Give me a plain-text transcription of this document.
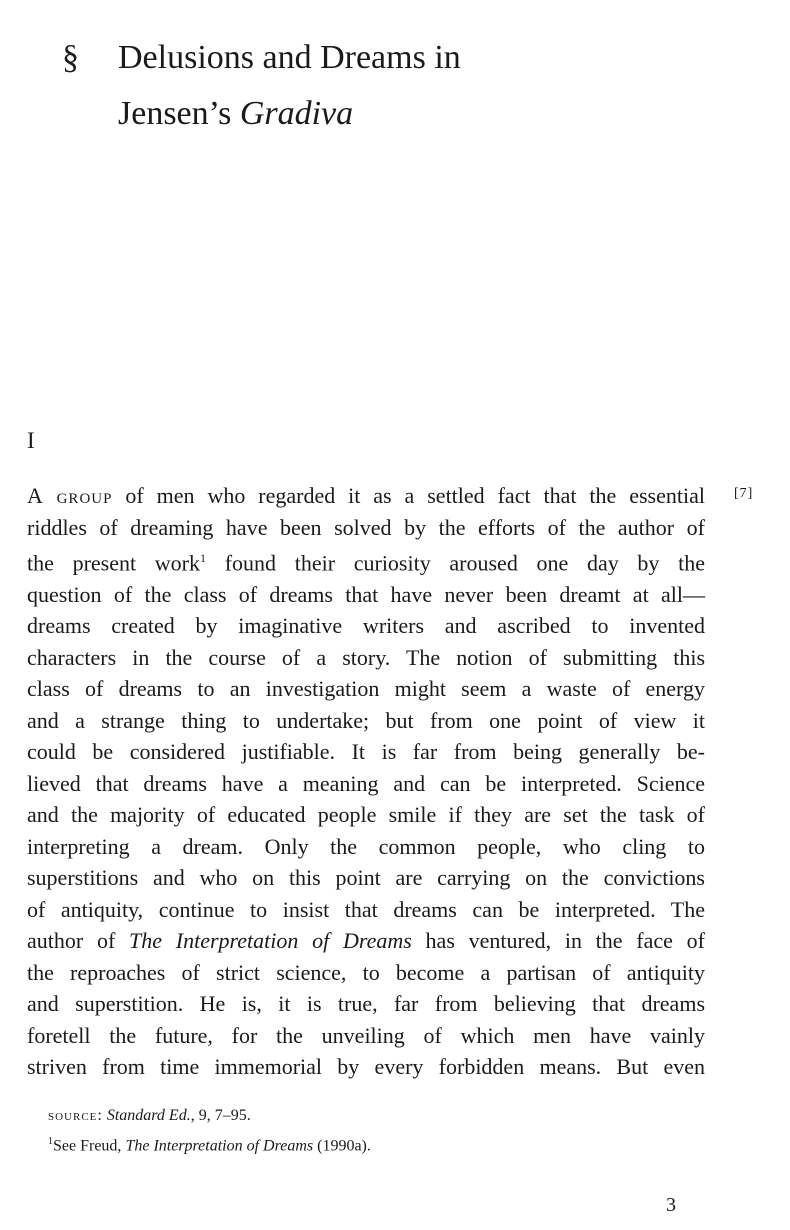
§ Delusions and Dreams in
Jensen’s Gradiva
I
[7]
A group of men who regarded it as a settled fact that the essential
riddles of dreaming have been solved by the efforts of the author of
the present work$^1$ found their curiosity aroused one day by the
question of the class of dreams that have never been dreamt at all—
dreams created by imaginative writers and ascribed to invented
characters in the course of a story. The notion of submitting this
class of dreams to an investigation might seem a waste of energy
and a strange thing to undertake; but from one point of view it
could be considered justifiable. It is far from being generally be-
lieved that dreams have a meaning and can be interpreted. Science
and the majority of educated people smile if they are set the task of
interpreting a dream. Only the common people, who cling to
superstitions and who on this point are carrying on the convictions
of antiquity, continue to insist that dreams can be interpreted. The
author of The Interpretation of Dreams has ventured, in the face of
the reproaches of strict science, to become a partisan of antiquity
and superstition. He is, it is true, far from believing that dreams
foretell the future, for the unveiling of which men have vainly
striven from time immemorial by every forbidden means. But even
source: Standard Ed., 9, 7–95.
$^1$See Freud, The Interpretation of Dreams (1990a).
3
